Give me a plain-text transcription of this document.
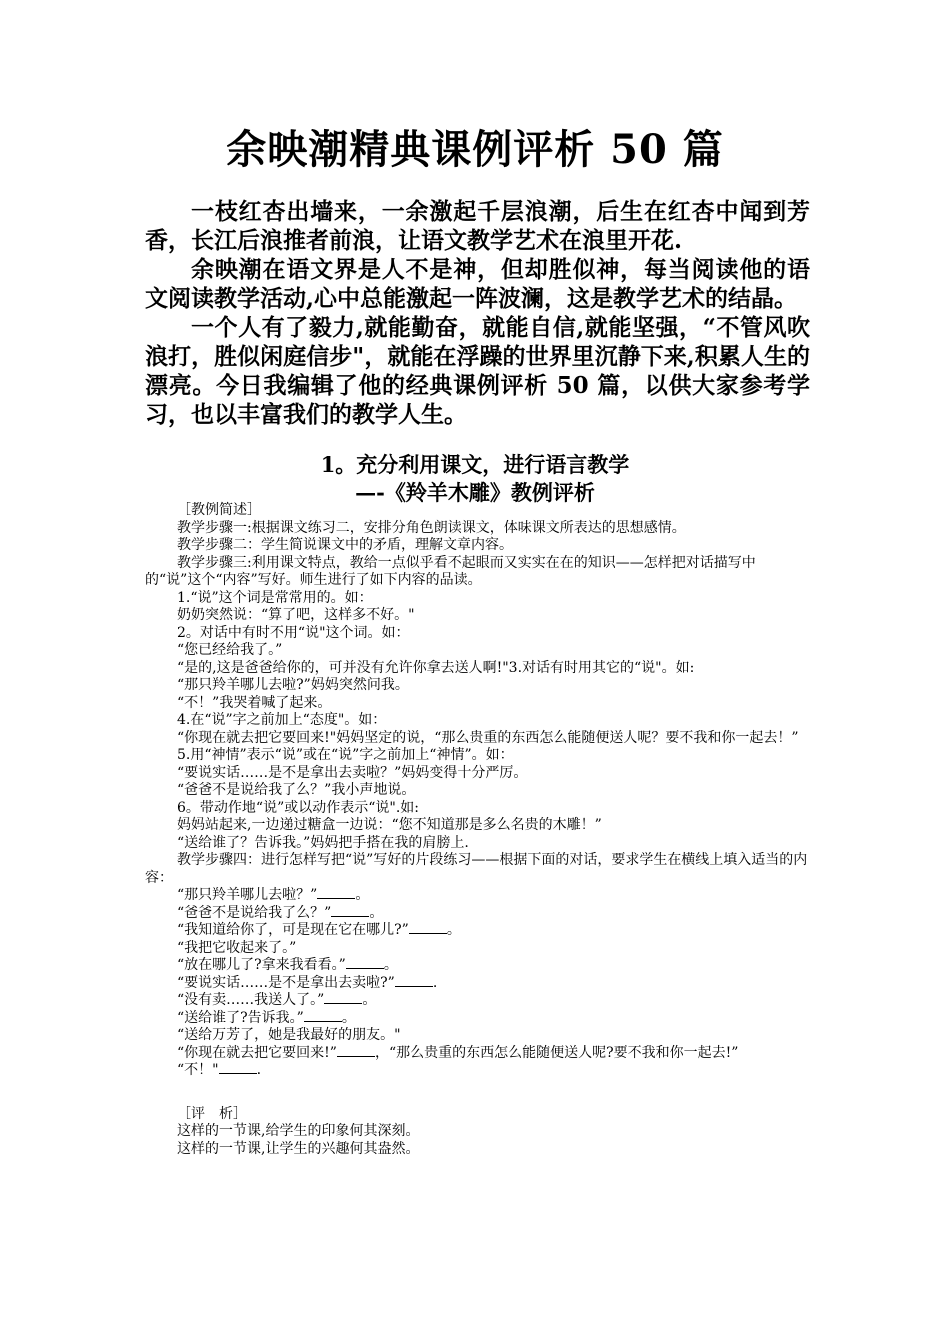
余映潮精典课例评析 50 篇

一枝红杏出墙来，一余激起千层浪潮，后生在红杏中闻到芳香，长江后浪推者前浪，让语文教学艺术在浪里开花.

余映潮在语文界是人不是神，但却胜似神，每当阅读他的语文阅读教学活动,心中总能激起一阵波澜，这是教学艺术的结晶。

一个人有了毅力,就能勤奋，就能自信,就能坚强，“不管风吹浪打，胜似闲庭信步"，就能在浮躁的世界里沉静下来,积累人生的漂亮。今日我编辑了他的经典课例评析 50 篇，以供大家参考学习，也以丰富我们的教学人生。

1。充分利用课文，进行语言教学
—-《羚羊木雕》教例评析
［教例简述］
教学步骤一:根据课文练习二，安排分角色朗读课文，体味课文所表达的思想感情。
教学步骤二：学生简说课文中的矛盾，理解文章内容。
教学步骤三:利用课文特点，教给一点似乎看不起眼而又实实在在的知识——怎样把对话描写中的“说”这个“内容”写好。师生进行了如下内容的品读。
1.“说”这个词是常常用的。如：
奶奶突然说：“算了吧，这样多不好。"
2。对话中有时不用“说"这个词。如：
“您已经给我了。”
“是的,这是爸爸给你的，可并没有允许你拿去送人啊!"3.对话有时用其它的“说"。如:
“那只羚羊哪儿去啦?”妈妈突然问我。
“不！”我哭着喊了起来。
4.在“说”字之前加上“态度"。如：
“你现在就去把它要回来!"妈妈坚定的说，“那么贵重的东西怎么能随便送人呢？要不我和你一起去！”
5.用“神情”表示“说”或在“说”字之前加上“神情”。如：
“要说实话……是不是拿出去卖啦？”妈妈变得十分严厉。
“爸爸不是说给我了么？”我小声地说。
6。带动作地“说”或以动作表示“说".如:
妈妈站起来,一边递过糖盒一边说：“您不知道那是多么名贵的木雕！”
“送给谁了？告诉我。”妈妈把手搭在我的肩膀上.
教学步骤四：进行怎样写把“说”写好的片段练习——根据下面的对话，要求学生在横线上填入适当的内容：
“那只羚羊哪儿去啦？”	。
“爸爸不是说给我了么？”	。
“我知道给你了，可是现在它在哪儿?”	。
“我把它收起来了。”
“放在哪儿了?拿来我看看。”	。
“要说实话……是不是拿出去卖啦?”	.
“没有卖……我送人了。”	。
“送给谁了?告诉我。”	。
“送给万芳了，她是我最好的朋友。"
“你现在就去把它要回来!”	，“那么贵重的东西怎么能随便送人呢?要不我和你一起去!”
“不！"	.
［评　析］
这样的一节课,给学生的印象何其深刻。
这样的一节课,让学生的兴趣何其盎然。
